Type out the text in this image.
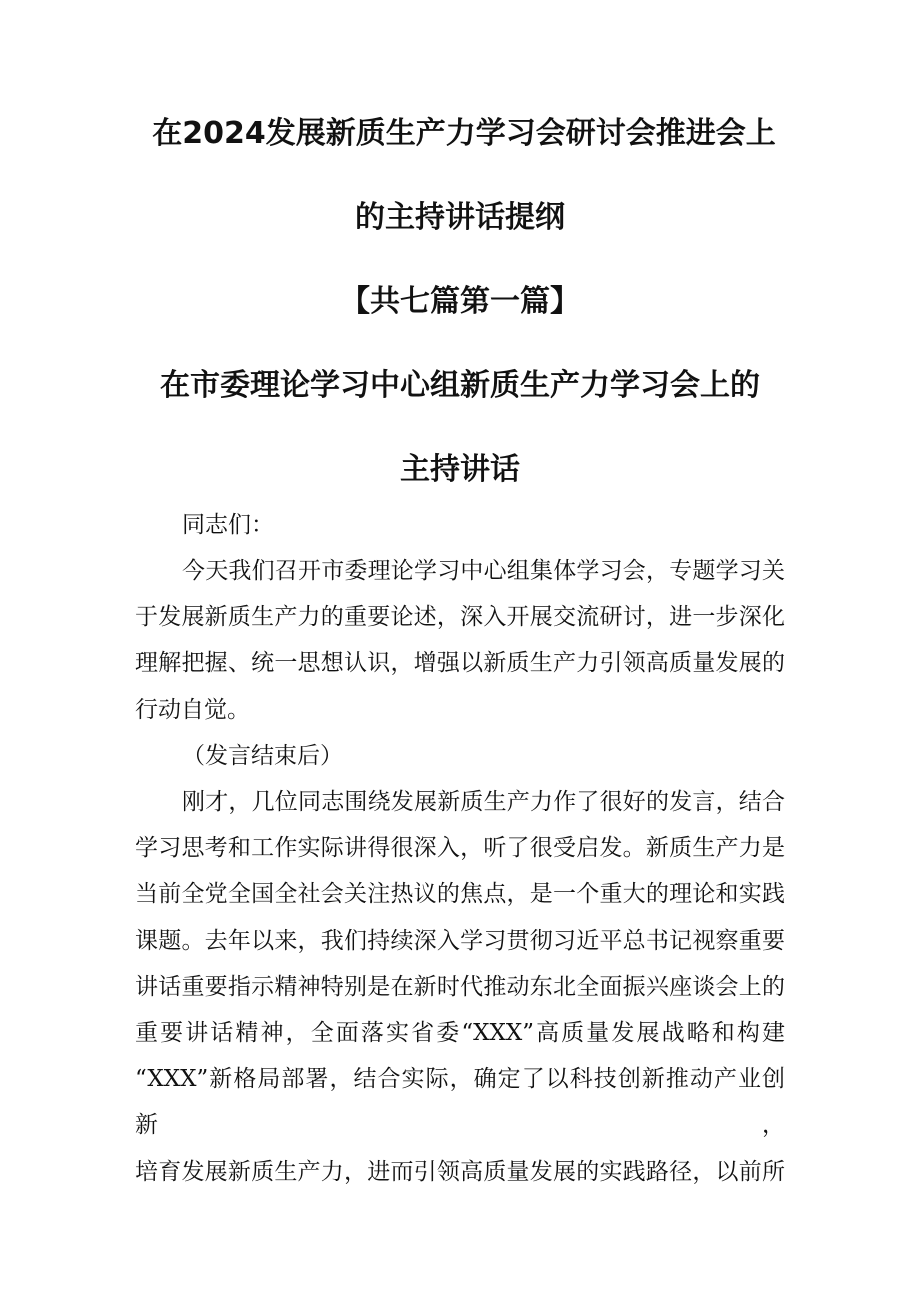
在2024发展新质生产力学习会研讨会推进会上
的主持讲话提纲
【共七篇第一篇】
在市委理论学习中心组新质生产力学习会上的
主持讲话
同志们：

今天我们召开市委理论学习中心组集体学习会，专题学习关

于发展新质生产力的重要论述，深入开展交流研讨，进一步深化

理解把握、统一思想认识，增强以新质生产力引领高质量发展的

行动自觉。

（发言结束后）

刚才，几位同志围绕发展新质生产力作了很好的发言，结合

学习思考和工作实际讲得很深入，听了很受启发。新质生产力是

当前全党全国全社会关注热议的焦点，是一个重大的理论和实践

课题。去年以来，我们持续深入学习贯彻习近平总书记视察重要

讲话重要指示精神特别是在新时代推动东北全面振兴座谈会上的

重要讲话精神，全面落实省委“XXX”高质量发展战略和构建

“XXX”新格局部署，结合实际，确定了以科技创新推动产业创新，

培育发展新质生产力，进而引领高质量发展的实践路径，以前所
